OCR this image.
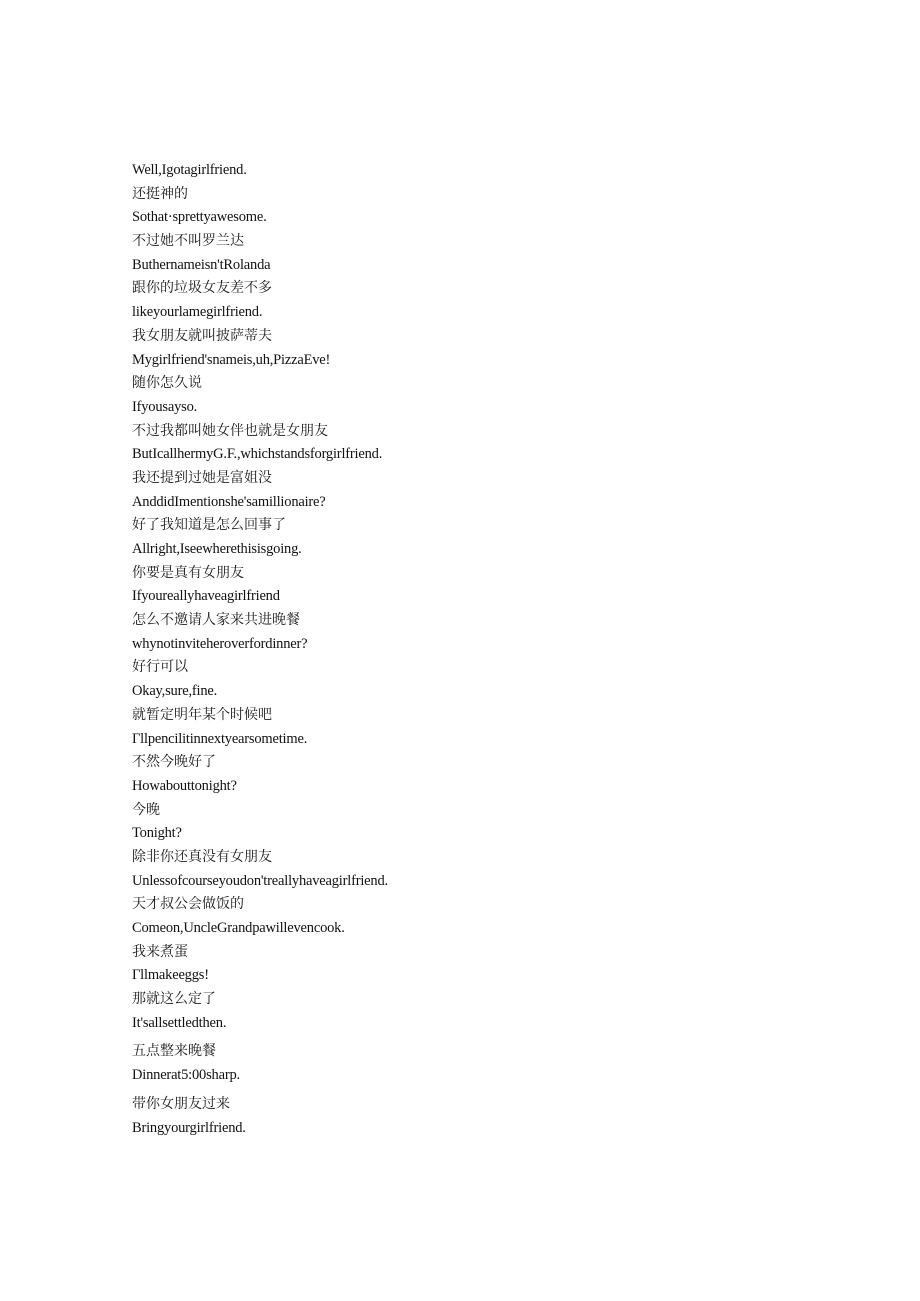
Well,Igotagirlfriend.
还挺神的
Sothat·sprettyawesome.
不过她不叫罗兰达
Buthernameisn'tRolanda
跟你的垃圾女友差不多
likeyourlamegirlfriend.
我女朋友就叫披萨蒂夫
Mygirlfriend'snameis,uh,PizzaEve!
随你怎久说
Ifyousayso.
不过我都叫她女伴也就是女朋友
ButIcallhermyG.F.,whichstandsforgirlfriend.
我还提到过她是富姐没
AnddidImentionshe'samillionaire?
好了我知道是怎么回事了
Allright,Iseewherethisisgoing.
你要是真有女朋友
Ifyoureallyhaveagirlfriend
怎么不邀请人家来共进晚餐
whynotinviteheroverfordinner?
好行可以
Okay,sure,fine.
就暂定明年某个时候吧
Γllpencilitinnextyearsometime.
不然今晚好了
Howabouttonight?
今晚
Tonight?
除非你还真没有女朋友
Unlessofcourseyoudon'treallyhaveagirlfriend.
天才叔公会做饭的
Comeon,UncleGrandpawillevencook.
我来煮蛋
Γllmakeeggs!
那就这么定了
It'sallsettledthen.
五点整来晚餐
Dinnerat5:00sharp.
带你女朋友过来
Bringyourgirlfriend.
